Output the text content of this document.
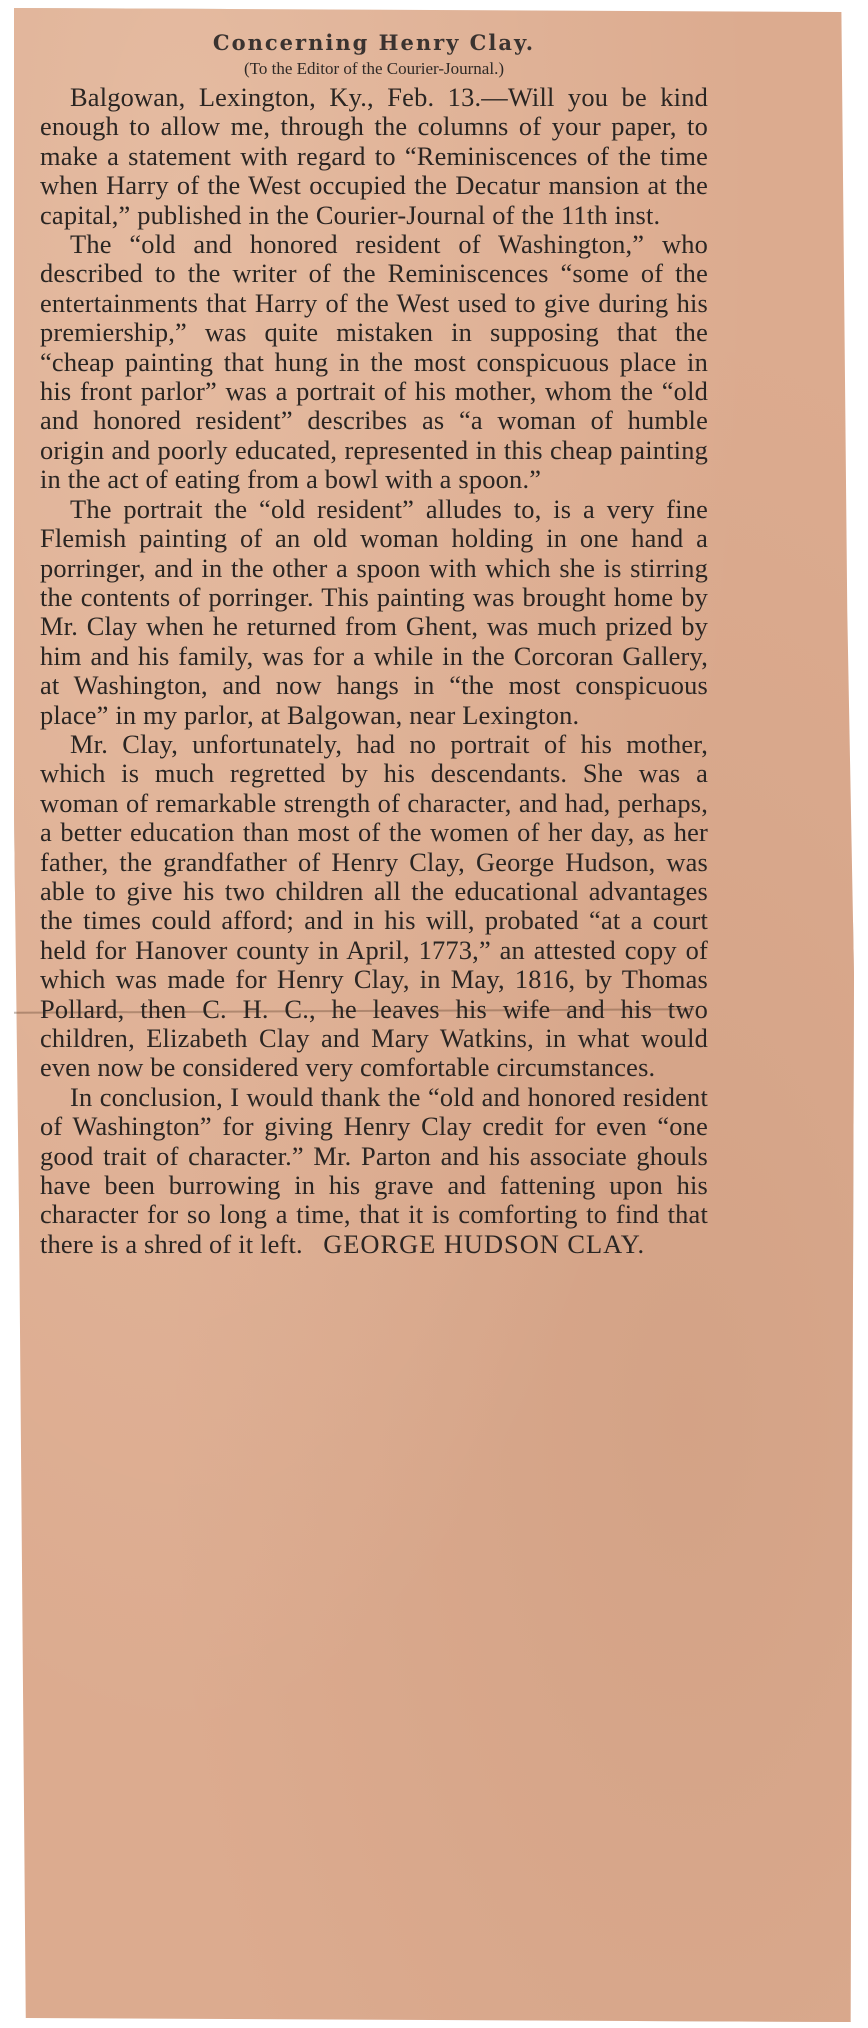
Concerning Henry Clay.
(To the Editor of the Courier-Journal.)

Balgowan, Lexington, Ky., Feb. 13.—Will you be kind enough to allow me, through the columns of your paper, to make a statement with regard to “Reminiscences of the time when Harry of the West occupied the Decatur mansion at the capital,” published in the Courier-Journal of the 11th inst.

The “old and honored resident of Washington,” who described to the writer of the Reminiscences “some of the entertainments that Harry of the West used to give during his premiership,” was quite mistaken in supposing that the “cheap painting that hung in the most conspicuous place in his front parlor” was a portrait of his mother, whom the “old and honored resident” describes as “a woman of humble origin and poorly educated, represented in this cheap painting in the act of eating from a bowl with a spoon.”

The portrait the “old resident” alludes to, is a very fine Flemish painting of an old woman holding in one hand a porringer, and in the other a spoon with which she is stirring the contents of porringer. This painting was brought home by Mr. Clay when he returned from Ghent, was much prized by him and his family, was for a while in the Corcoran Gallery, at Washington, and now hangs in “the most conspicuous place” in my parlor, at Balgowan, near Lexington.

Mr. Clay, unfortunately, had no portrait of his mother, which is much regretted by his descendants. She was a woman of remarkable strength of character, and had, perhaps, a better education than most of the women of her day, as her father, the grandfather of Henry Clay, George Hudson, was able to give his two children all the educational advantages the times could afford; and in his will, probated “at a court held for Hanover county in April, 1773,” an attested copy of which was made for Henry Clay, in May, 1816, by Thomas Pollard, then C. H. C., he leaves his wife and his two children, Elizabeth Clay and Mary Watkins, in what would even now be considered very comfortable circumstances.

In conclusion, I would thank the “old and honored resident of Washington” for giving Henry Clay credit for even “one good trait of character.” Mr. Parton and his associate ghouls have been burrowing in his grave and fattening upon his character for so long a time, that it is comforting to find that there is a shred of it left. GEORGE HUDSON CLAY.
